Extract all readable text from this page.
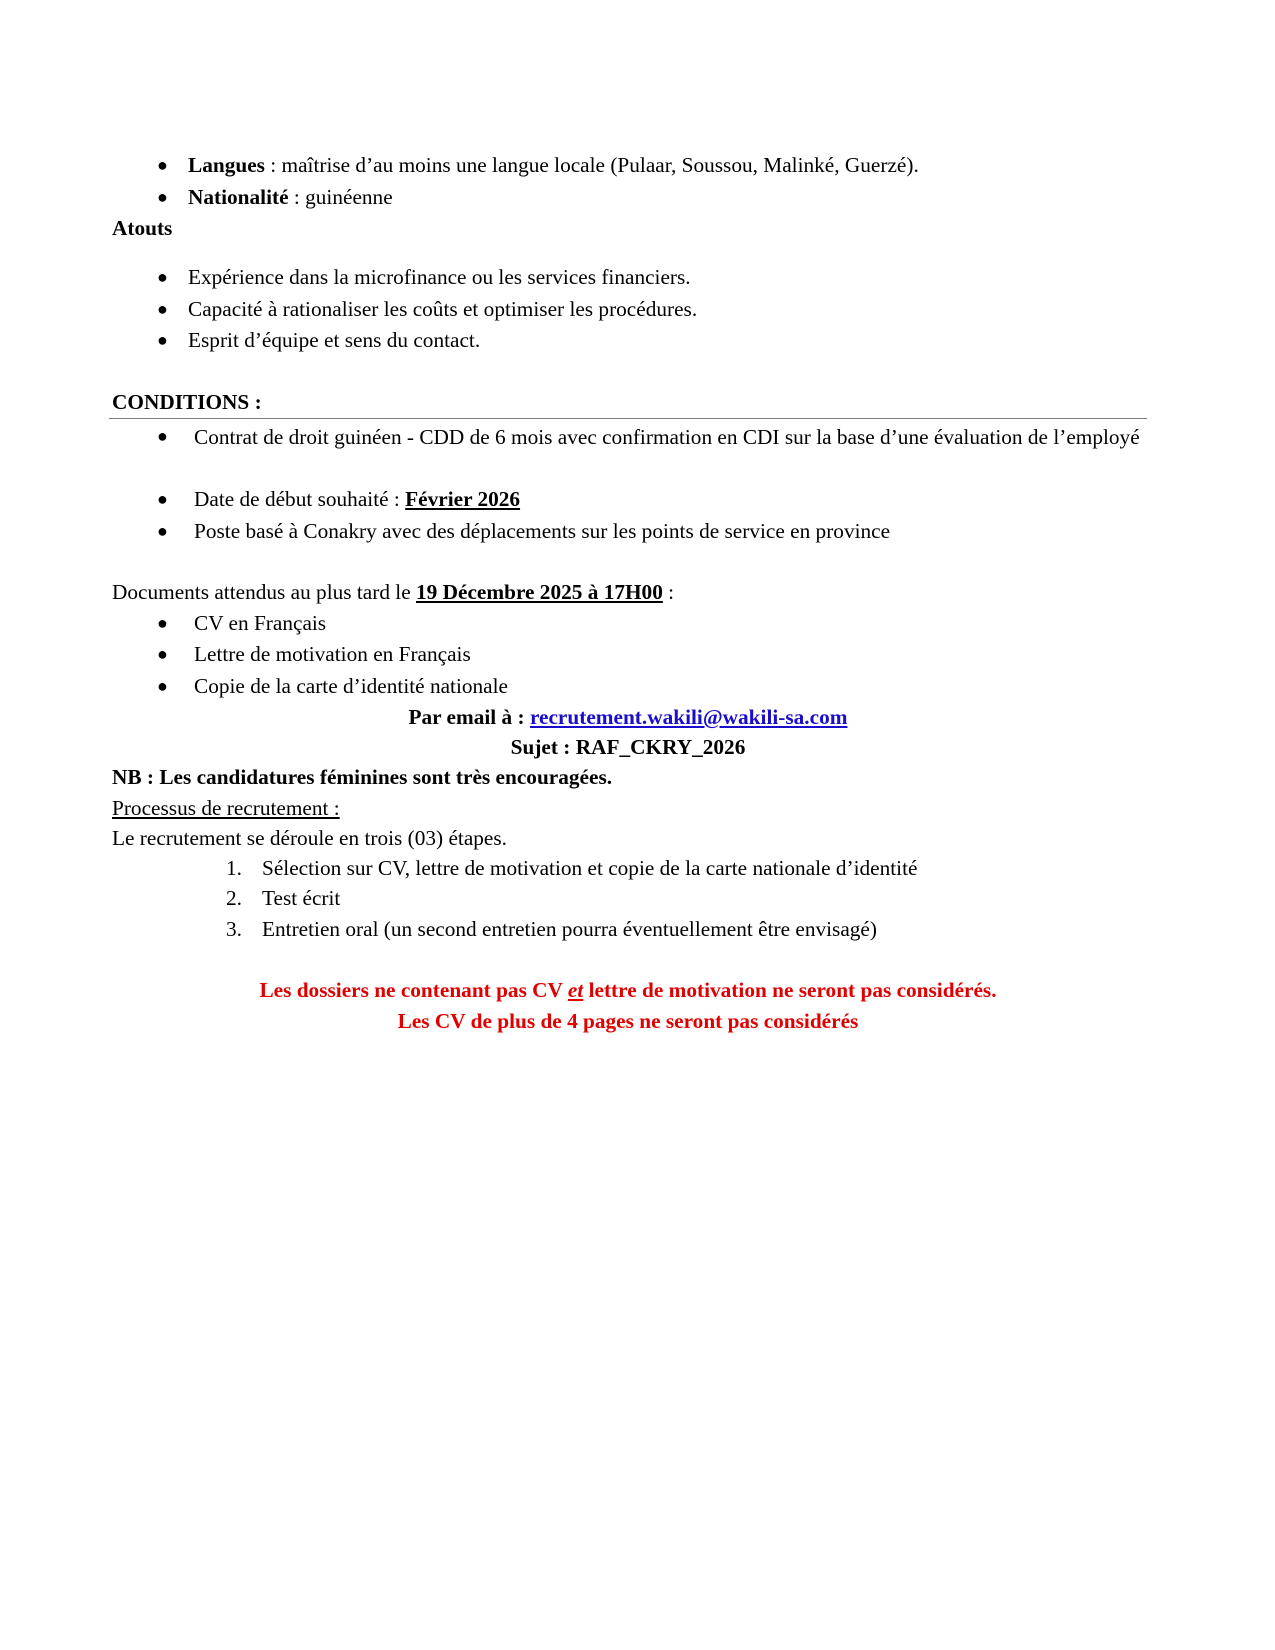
● Langues : maîtrise d’au moins une langue locale (Pulaar, Soussou, Malinké, Guerzé).
● Nationalité : guinéenne
Atouts
● Expérience dans la microfinance ou les services financiers.
● Capacité à rationaliser les coûts et optimiser les procédures.
● Esprit d’équipe et sens du contact.
CONDITIONS :
● Contrat de droit guinéen - CDD de 6 mois avec confirmation en CDI sur la base d’une évaluation de l’employé
● Date de début souhaité : Février 2026
● Poste basé à Conakry avec des déplacements sur les points de service en province
Documents attendus au plus tard le 19 Décembre 2025 à 17H00 :
● CV en Français
● Lettre de motivation en Français
● Copie de la carte d’identité nationale
Par email à : recrutement.wakili@wakili-sa.com
Sujet : RAF_CKRY_2026
NB : Les candidatures féminines sont très encouragées.
Processus de recrutement :
Le recrutement se déroule en trois (03) étapes.
1. Sélection sur CV, lettre de motivation et copie de la carte nationale d’identité
2. Test écrit
3. Entretien oral (un second entretien pourra éventuellement être envisagé)
Les dossiers ne contenant pas CV et lettre de motivation ne seront pas considérés.
Les CV de plus de 4 pages ne seront pas considérés
